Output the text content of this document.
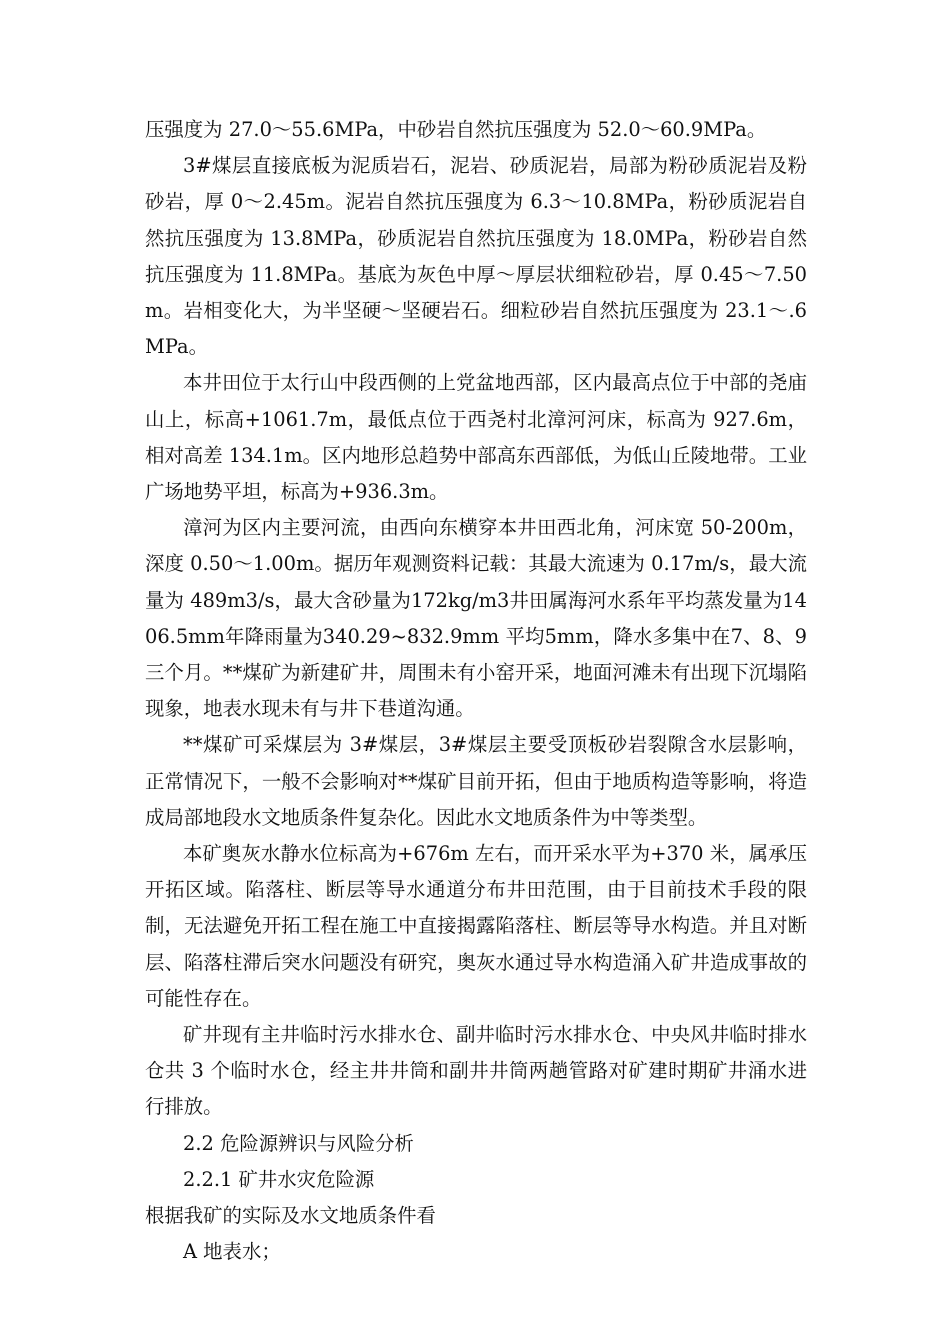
压强度为 27.0～55.6MPa，中砂岩自然抗压强度为 52.0～60.9MPa。

3#煤层直接底板为泥质岩石，泥岩、砂质泥岩，局部为粉砂质泥岩及粉砂岩，厚 0～2.45m。泥岩自然抗压强度为 6.3～10.8MPa，粉砂质泥岩自然抗压强度为 13.8MPa，砂质泥岩自然抗压强度为 18.0MPa，粉砂岩自然抗压强度为 11.8MPa。基底为灰色中厚～厚层状细粒砂岩，厚 0.45～7.50m。岩相变化大，为半坚硬～坚硬岩石。细粒砂岩自然抗压强度为 23.1～.6MPa。

本井田位于太行山中段西侧的上党盆地西部，区内最高点位于中部的尧庙山上，标高+1061.7m，最低点位于西尧村北漳河河床，标高为 927.6m，相对高差 134.1m。区内地形总趋势中部高东西部低，为低山丘陵地带。工业广场地势平坦，标高为+936.3m。

漳河为区内主要河流，由西向东横穿本井田西北角，河床宽 50-200m，深度 0.50～1.00m。据历年观测资料记载：其最大流速为 0.17m/s，最大流量为 489m3/s，最大含砂量为172kg/m3井田属海河水系年平均蒸发量为1406.5mm年降雨量为340.29~832.9mm 平均5mm，降水多集中在7、8、9三个月。**煤矿为新建矿井，周围未有小窑开采，地面河滩未有出现下沉塌陷现象，地表水现未有与井下巷道沟通。

**煤矿可采煤层为 3#煤层，3#煤层主要受顶板砂岩裂隙含水层影响，正常情况下，一般不会影响对**煤矿目前开拓，但由于地质构造等影响，将造成局部地段水文地质条件复杂化。因此水文地质条件为中等类型。

本矿奥灰水静水位标高为+676m 左右，而开采水平为+370 米，属承压开拓区域。陷落柱、断层等导水通道分布井田范围，由于目前技术手段的限制，无法避免开拓工程在施工中直接揭露陷落柱、断层等导水构造。并且对断层、陷落柱滞后突水问题没有研究，奥灰水通过导水构造涌入矿井造成事故的可能性存在。

矿井现有主井临时污水排水仓、副井临时污水排水仓、中央风井临时排水仓共 3 个临时水仓，经主井井筒和副井井筒两趟管路对矿建时期矿井涌水进行排放。

2.2 危险源辨识与风险分析

2.2.1 矿井水灾危险源

根据我矿的实际及水文地质条件看

A 地表水；
